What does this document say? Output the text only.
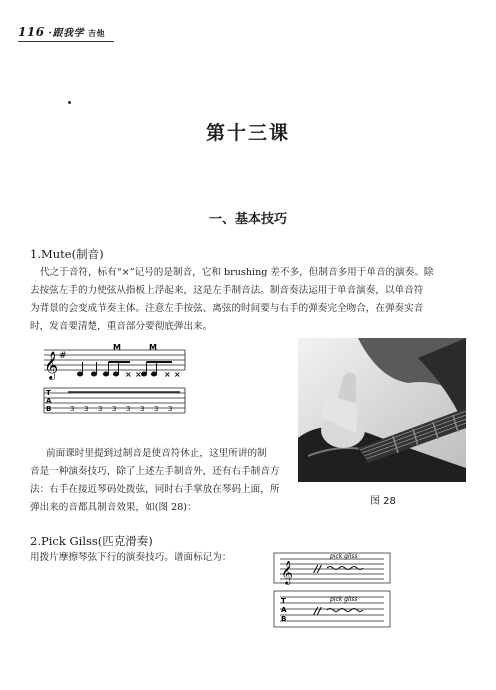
116 ·跟我学 吉他
第十三课
一、基本技巧
1.Mute(制音)
代之于音符，标有“×”记号的是制音，它和 brushing 差不多，但制音多用于单音的演奏。除
去按弦左手的力使弦从指板上浮起来，这是左手制音法。制音奏法运用于单音演奏，以单音符
为背景的会变成节奏主体。注意左手按弦、离弦的时间要与右手的弹奏完全吻合，在弹奏实音
时，发音要清楚，重音部分要彻底弹出来。
𝄞 #
M	M
× ×	× ×
T
A
B	3 3 3 3 3 3 3 3
前面课时里提到过制音是使音符休止，这里所讲的制
音是一种演奏技巧，除了上述左手制音外，还有右手制音方
法：右手在接近琴码处拨弦，同时右手掌放在琴码上面，所
弹出来的音都具制音效果，如(图 28)：
图 28
2.Pick Gilss(匹克滑奏)
用拨片摩擦琴弦下行的演奏技巧。谱面标记为：
𝄞 //
pick gliss
T
A
B
//
pick gliss
